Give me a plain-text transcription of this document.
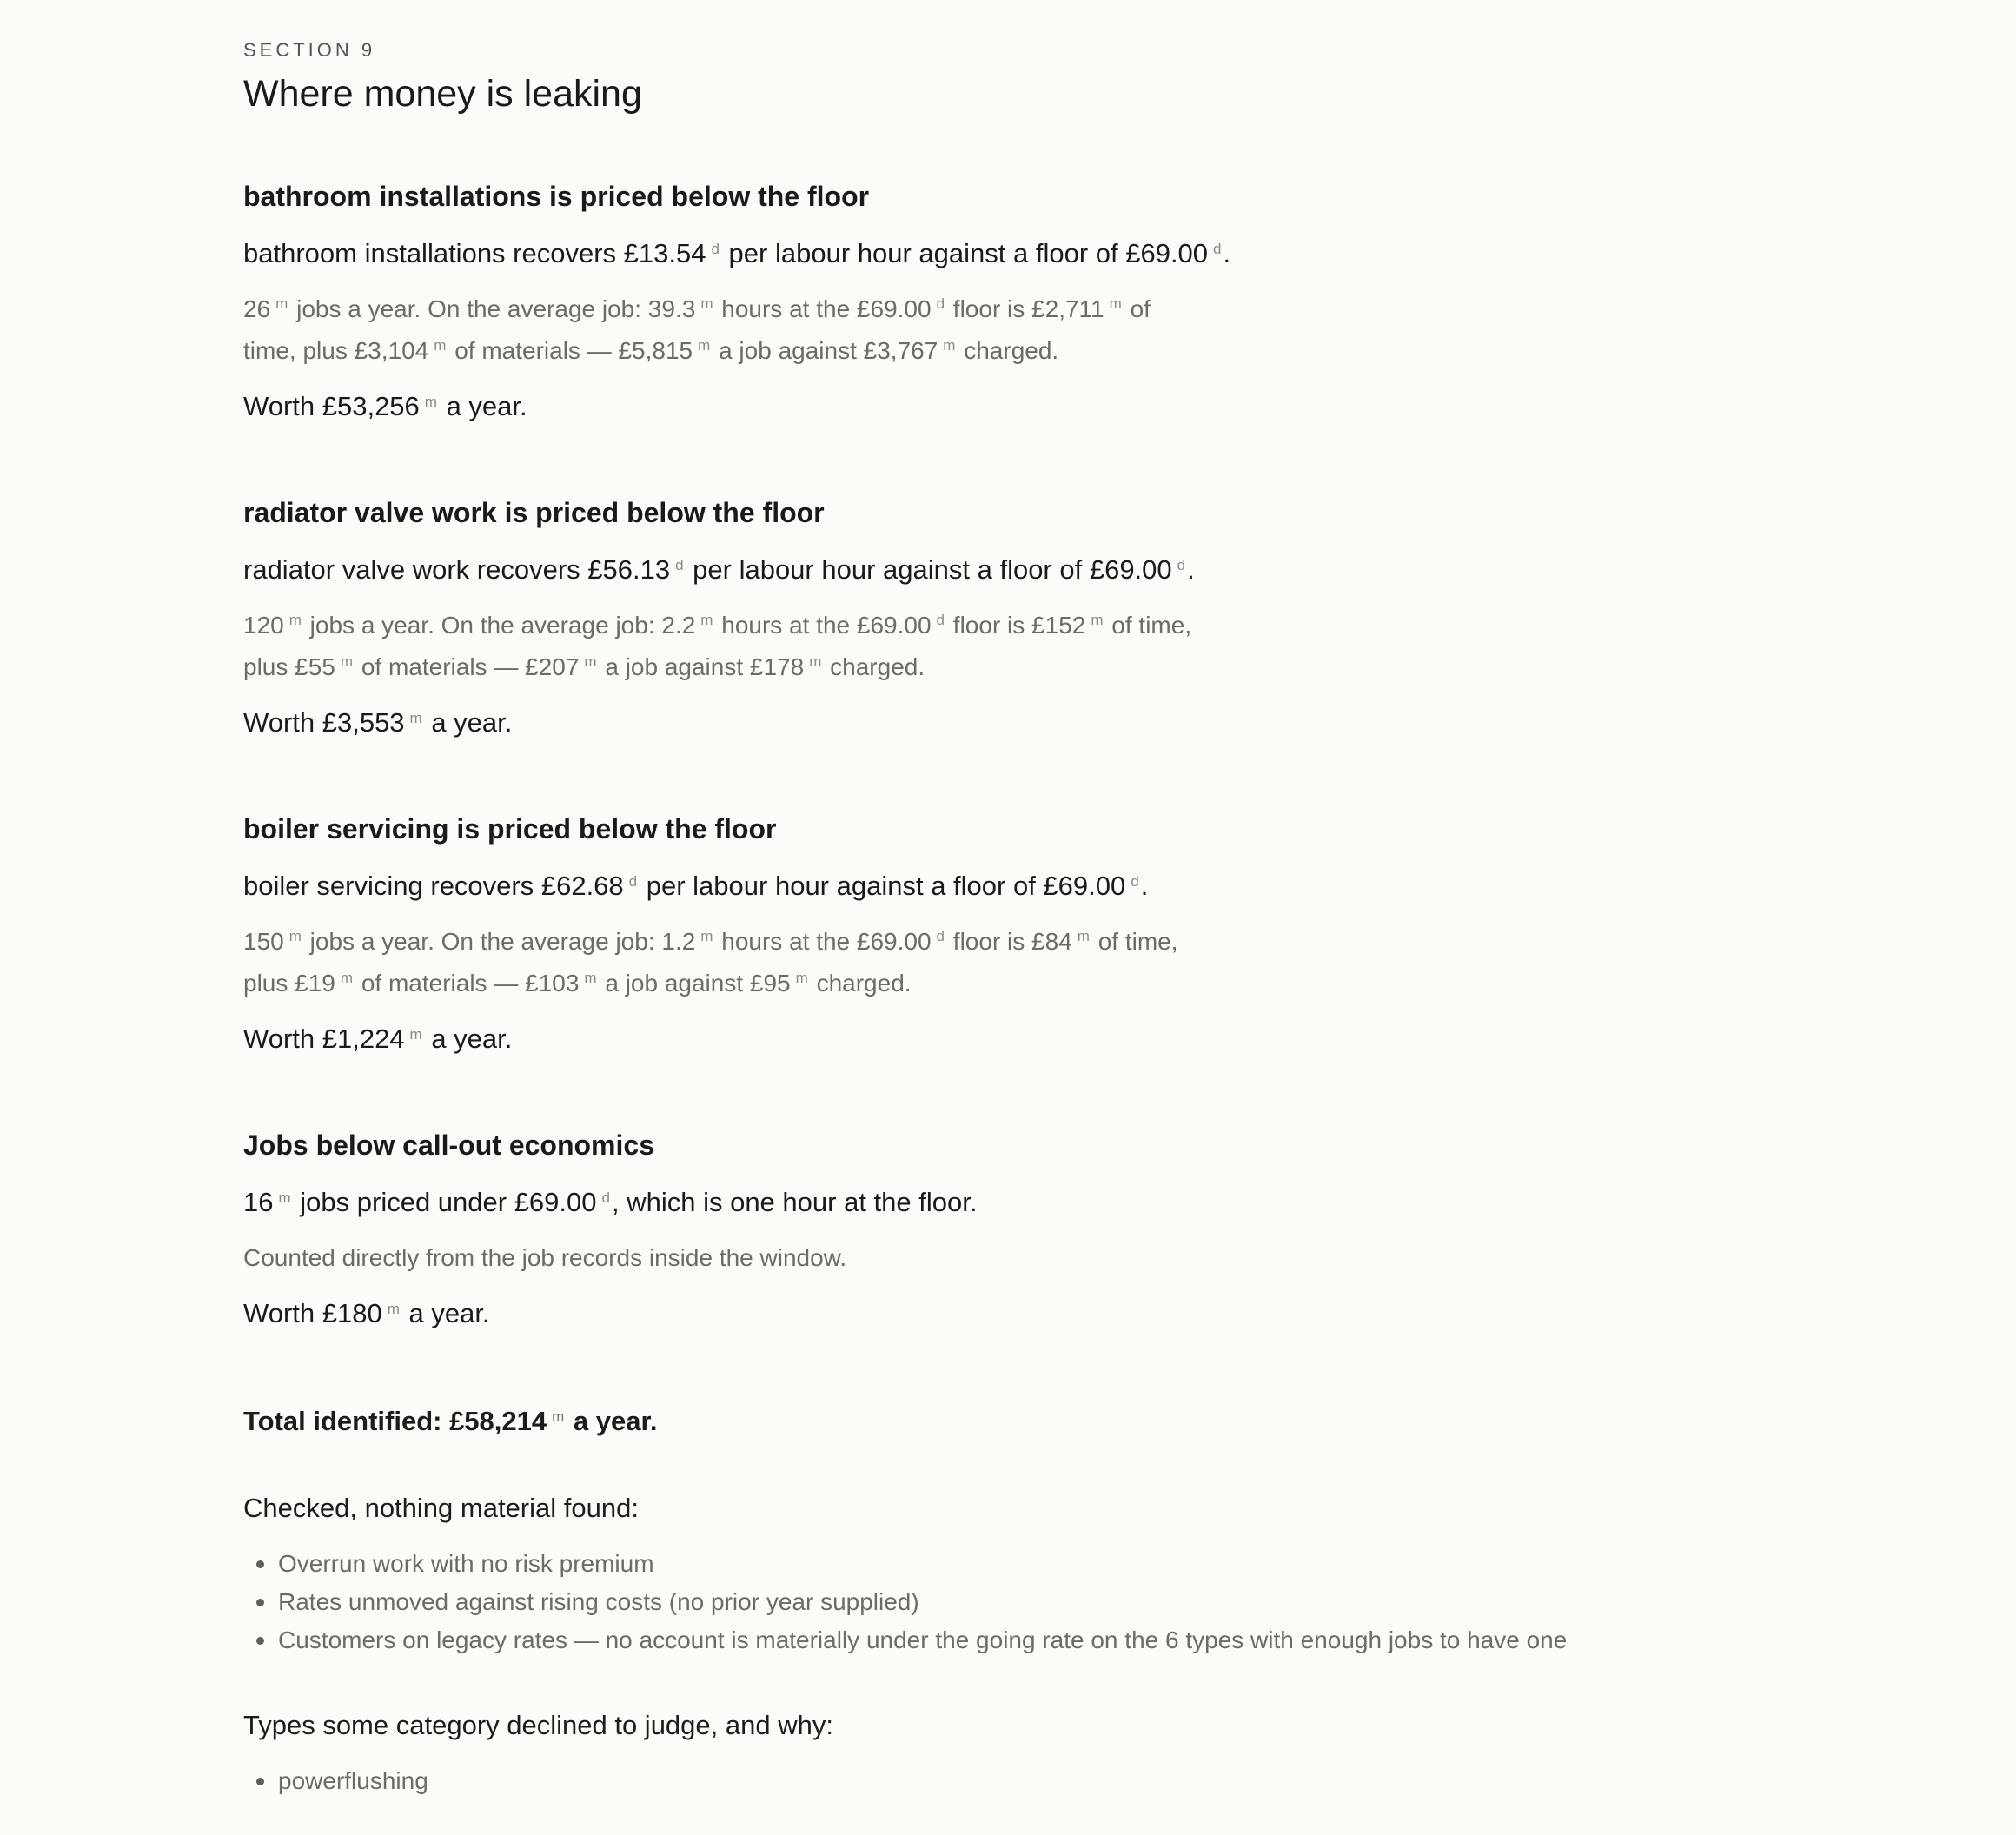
SECTION 9

Where money is leaking
bathroom installations is priced below the floor

bathroom installations recovers £13.54 $^d$ per labour hour against a floor of £69.00 $^d$.

26 $^m$ jobs a year. On the average job: 39.3 $^m$ hours at the £69.00 $^d$ floor is £2,711 $^m$ of time, plus £3,104 $^m$ of materials — £5,815 $^m$ a job against £3,767 $^m$ charged.

Worth £53,256 $^m$ a year.

radiator valve work is priced below the floor

radiator valve work recovers £56.13 $^d$ per labour hour against a floor of £69.00 $^d$.

120 $^m$ jobs a year. On the average job: 2.2 $^m$ hours at the £69.00 $^d$ floor is £152 $^m$ of time, plus £55 $^m$ of materials — £207 $^m$ a job against £178 $^m$ charged.

Worth £3,553 $^m$ a year.

boiler servicing is priced below the floor

boiler servicing recovers £62.68 $^d$ per labour hour against a floor of £69.00 $^d$.

150 $^m$ jobs a year. On the average job: 1.2 $^m$ hours at the £69.00 $^d$ floor is £84 $^m$ of time, plus £19 $^m$ of materials — £103 $^m$ a job against £95 $^m$ charged.

Worth £1,224 $^m$ a year.

Jobs below call-out economics

16 $^m$ jobs priced under £69.00 $^d$, which is one hour at the floor.

Counted directly from the job records inside the window.

Worth £180 $^m$ a year.

Total identified: £58,214 $^m$ a year.

Checked, nothing material found:

Overrun work with no risk premium
Rates unmoved against rising costs (no prior year supplied)
Customers on legacy rates — no account is materially under the going rate on the 6 types with enough jobs to have one

Types some category declined to judge, and why:

powerflushing
